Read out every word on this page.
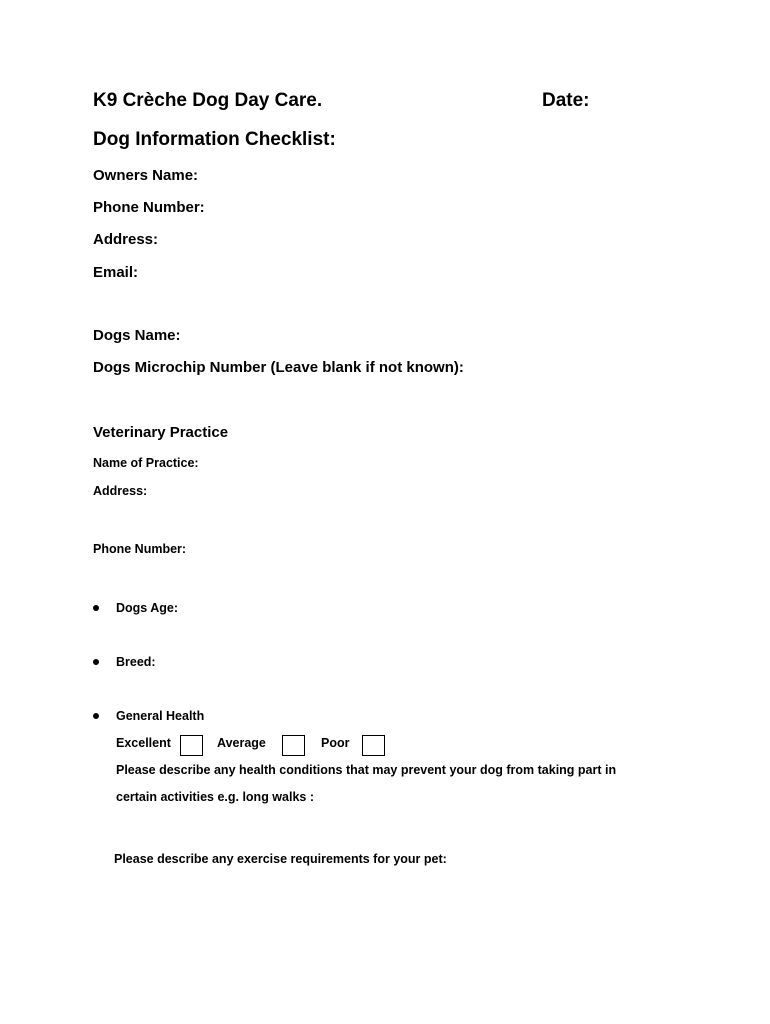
K9 Crèche Dog Day Care.	Date:
Dog Information Checklist:
Owners Name:
Phone Number:
Address:
Email:
Dogs Name:
Dogs Microchip Number (Leave blank if not known):
Veterinary Practice
Name of Practice:
Address:
Phone Number:
Dogs Age:
Breed:
General Health
Excellent	Average	Poor
Please describe any health conditions that may prevent your dog from taking part in
certain activities e.g. long walks :
Please describe any exercise requirements for your pet:
